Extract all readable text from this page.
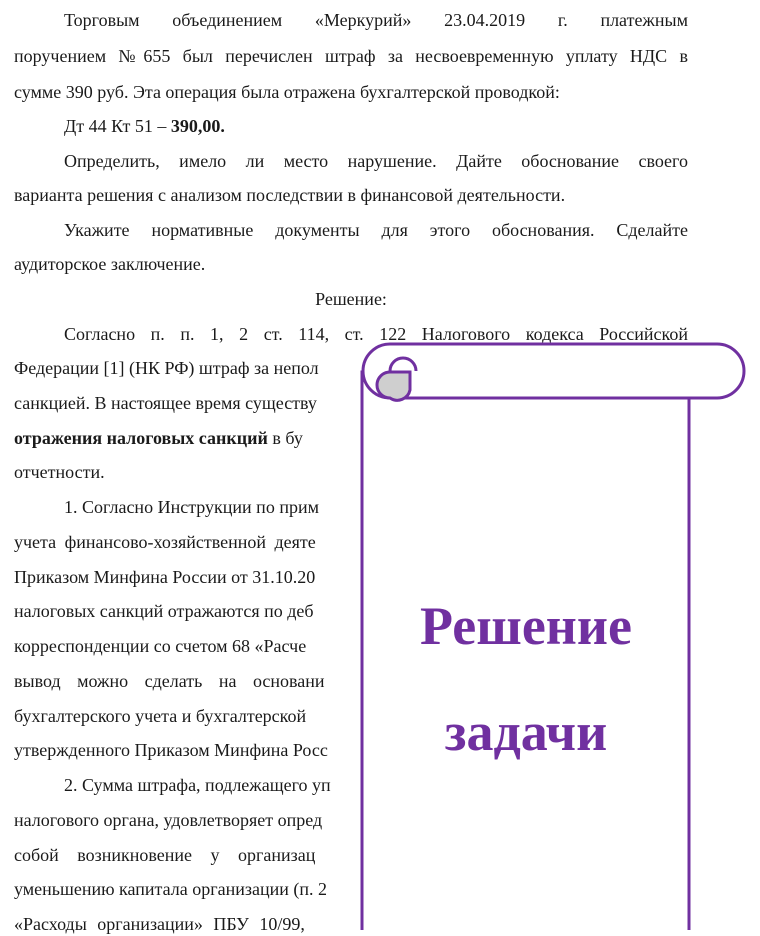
Торговым объединением «Меркурий» 23.04.2019 г. платежным
поручением №655 был перечислен штраф за несвоевременную уплату НДС в
сумме 390 руб. Эта операция была отражена бухгалтерской проводкой:
Дт 44 Кт 51 – 390,00.
Определить, имело ли место нарушение. Дайте обоснование своего
варианта решения с анализом последствии в финансовой деятельности.
Укажите нормативные документы для этого обоснования. Сделайте
аудиторское заключение.
Решение:
Согласно п. п. 1, 2 ст. 114, ст. 122 Налогового кодекса Российской
Федерации [1] (НК РФ) штраф за непол
санкцией. В настоящее время существу
отражения налоговых санкций в бу
отчетности.
1. Согласно Инструкции по прим
учета финансово-хозяйственной деяте
Приказом Минфина России от 31.10.20
налоговых санкций отражаются по деб
корреспонденции со счетом 68 «Расче
вывод можно сделать на основани
бухгалтерского учета и бухгалтерской
утвержденного Приказом Минфина Росс
2. Сумма штрафа, подлежащего уп
налогового органа, удовлетворяет опред
собой возникновение у организац
уменьшению капитала организации (п. 2
«Расходы организации» ПБУ 10/99,
Решение
задачи
